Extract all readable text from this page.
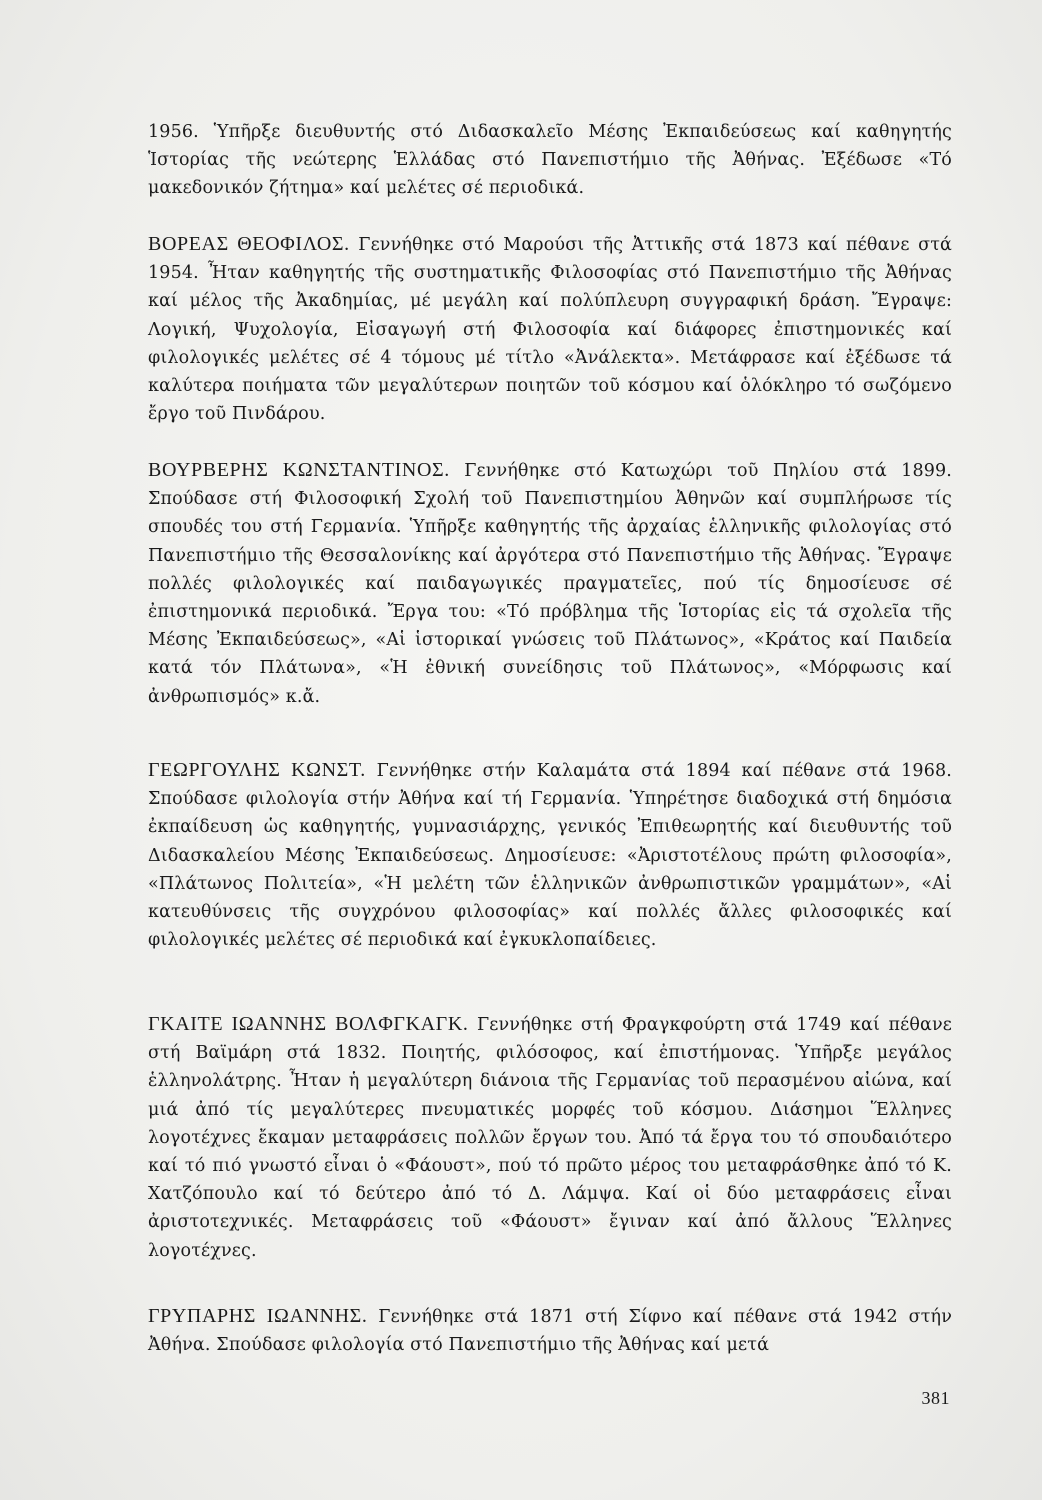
1956. Ὑπῆρξε διευθυντής στό Διδασκαλεῖο Μέσης Ἐκπαιδεύσεως καί καθηγητής Ἱστορίας τῆς νεώτερης Ἑλλάδας στό Πανεπιστήμιο τῆς Ἀθήνας. Ἐξέδωσε «Τό μακεδονικόν ζήτημα» καί μελέτες σέ περιοδικά.

ΒΟΡΕΑΣ ΘΕΟΦΙΛΟΣ. Γεννήθηκε στό Μαρούσι τῆς Ἀττικῆς στά 1873 καί πέθανε στά 1954. Ἦταν καθηγητής τῆς συστηματικῆς Φιλοσοφίας στό Πανεπιστήμιο τῆς Ἀθήνας καί μέλος τῆς Ἀκαδημίας, μέ μεγάλη καί πολύπλευρη συγγραφική δράση. Ἔγραψε: Λογική, Ψυχολογία, Εἰσαγωγή στή Φιλοσοφία καί διάφορες ἐπιστημονικές καί φιλολογικές μελέτες σέ 4 τόμους μέ τίτλο «Ἀνάλεκτα». Μετάφρασε καί ἐξέδωσε τά καλύτερα ποιήματα τῶν μεγαλύτερων ποιητῶν τοῦ κόσμου καί ὁλόκληρο τό σωζόμενο ἔργο τοῦ Πινδάρου.

ΒΟΥΡΒΕΡΗΣ ΚΩΝΣΤΑΝΤΙΝΟΣ. Γεννήθηκε στό Κατωχώρι τοῦ Πηλίου στά 1899. Σπούδασε στή Φιλοσοφική Σχολή τοῦ Πανεπιστημίου Ἀθηνῶν καί συμπλήρωσε τίς σπουδές του στή Γερμανία. Ὑπῆρξε καθηγητής τῆς ἀρχαίας ἑλληνικῆς φιλολογίας στό Πανεπιστήμιο τῆς Θεσσαλονίκης καί ἀργότερα στό Πανεπιστήμιο τῆς Ἀθήνας. Ἔγραψε πολλές φιλολογικές καί παιδαγωγικές πραγματεῖες, πού τίς δημοσίευσε σέ ἐπιστημονικά περιοδικά. Ἔργα του: «Τό πρόβλημα τῆς Ἱστορίας εἰς τά σχολεῖα τῆς Μέσης Ἐκπαιδεύσεως», «Αἱ ἱστορικαί γνώσεις τοῦ Πλάτωνος», «Κράτος καί Παιδεία κατά τόν Πλάτωνα», «Ἡ ἐθνική συνείδησις τοῦ Πλάτωνος», «Μόρφωσις καί ἀνθρωπισμός» κ.ἄ.

ΓΕΩΡΓΟΥΛΗΣ ΚΩΝΣΤ. Γεννήθηκε στήν Καλαμάτα στά 1894 καί πέθανε στά 1968. Σπούδασε φιλολογία στήν Ἀθήνα καί τή Γερμανία. Ὑπηρέτησε διαδοχικά στή δημόσια ἐκπαίδευση ὡς καθηγητής, γυμνασιάρχης, γενικός Ἐπιθεωρητής καί διευθυντής τοῦ Διδασκαλείου Μέσης Ἐκπαιδεύσεως. Δημοσίευσε: «Ἀριστοτέλους πρώτη φιλοσοφία», «Πλάτωνος Πολιτεία», «Ἡ μελέτη τῶν ἑλληνικῶν ἀνθρωπιστικῶν γραμμάτων», «Αἱ κατευθύνσεις τῆς συγχρόνου φιλοσοφίας» καί πολλές ἄλλες φιλοσοφικές καί φιλολογικές μελέτες σέ περιοδικά καί ἐγκυκλοπαίδειες.

ΓΚΑΙΤΕ ΙΩΑΝΝΗΣ ΒΟΛΦΓΚΑΓΚ. Γεννήθηκε στή Φραγκφούρτη στά 1749 καί πέθανε στή Βαϊμάρη στά 1832. Ποιητής, φιλόσοφος, καί ἐπιστήμονας. Ὑπῆρξε μεγάλος ἑλληνολάτρης. Ἦταν ἡ μεγαλύτερη διάνοια τῆς Γερμανίας τοῦ περασμένου αἰώνα, καί μιά ἀπό τίς μεγαλύτερες πνευματικές μορφές τοῦ κόσμου. Διάσημοι Ἕλληνες λογοτέχνες ἔκαμαν μεταφράσεις πολλῶν ἔργων του. Ἀπό τά ἔργα του τό σπουδαιότερο καί τό πιό γνωστό εἶναι ὁ «Φάουστ», πού τό πρῶτο μέρος του μεταφράσθηκε ἀπό τό Κ. Χατζόπουλο καί τό δεύτερο ἀπό τό Δ. Λάμψα. Καί οἱ δύο μεταφράσεις εἶναι ἀριστοτεχνικές. Μεταφράσεις τοῦ «Φάουστ» ἔγιναν καί ἀπό ἄλλους Ἕλληνες λογοτέχνες.

ΓΡΥΠΑΡΗΣ ΙΩΑΝΝΗΣ. Γεννήθηκε στά 1871 στή Σίφνο καί πέθανε στά 1942 στήν Ἀθήνα. Σπούδασε φιλολογία στό Πανεπιστήμιο τῆς Ἀθήνας καί μετά

381
